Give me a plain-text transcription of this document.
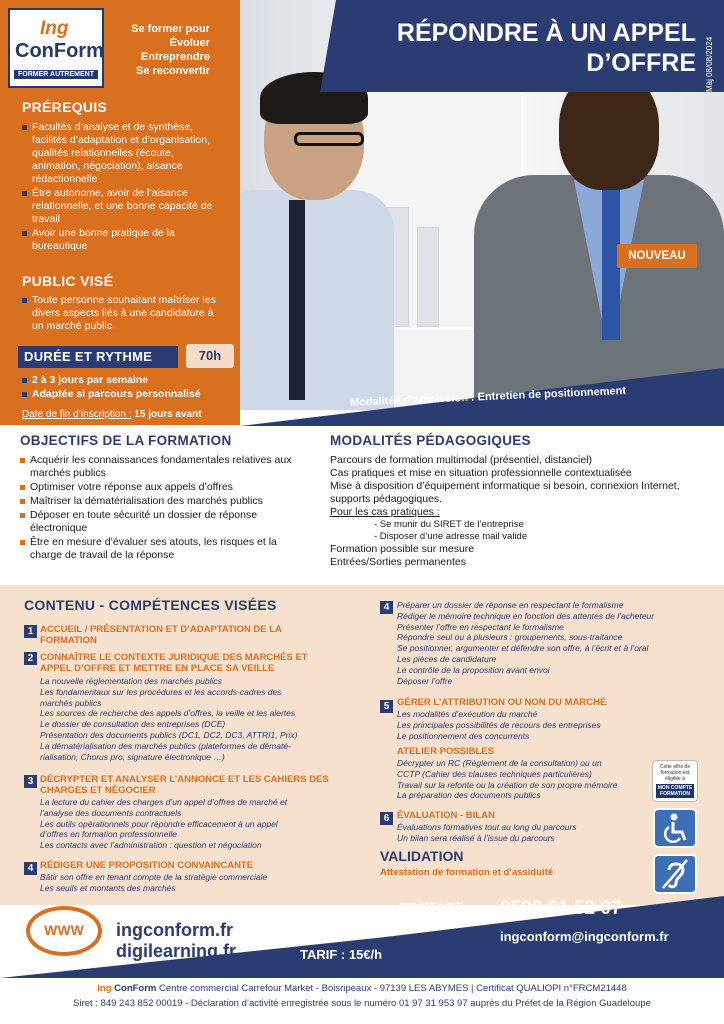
RÉPONDRE À UN APPEL
D’OFFRE Màj 08/08/2024
NOUVEAU
Modalités d’admission : Entretien de positionnement
Ing
ConForm
FORMER AUTREMENT
Se former pour
Évoluer
Entreprendre
Se reconvertir
PRÉREQUIS
Facultés d’analyse et de synthèse, facilités d’adaptation et d’organisation, qualités relationnelles (écoute, animation, négociation), aisance rédactionnelle
Être autonome, avoir de l’aisance relationnelle, et une bonne capacité de travail
Avoir une bonne pratique de la bureautique
PUBLIC VISÉ
Toute personne souhaitant maîtriser les divers aspects liés à une candidature à un marché public.
DURÉE ET RYTHME	70h
2 à 3 jours par semaine
Adaptée si parcours personnalisé
Date de fin d’inscription : 15 jours avant
OBJECTIFS DE LA FORMATION
Acquérir les connaissances fondamentales relatives aux marchés publics
Optimiser votre réponse aux appels d’offres
Maîtriser la dématérialisation des marchés publics
Déposer en toute sécurité un dossier de réponse électronique
Être en mesure d’évaluer ses atouts, les risques et la charge de travail de la réponse
MODALITÉS PÉDAGOGIQUES
Parcours de formation multimodal (présentiel, distanciel)
Cas pratiques et mise en situation professionnelle contextualisée
Mise à disposition d’équipement informatique si besoin, connexion Internet, supports pédagogiques.
Pour les cas pratiques :
- Se munir du SIRET de l’entreprise
- Disposer d’une adresse mail valide
Formation possible sur mesure
Entrées/Sorties permanentes
CONTENU - COMPÉTENCES VISÉES
1 ACCUEIL / PRÉSENTATION ET D’ADAPTATION DE LA FORMATION
2 CONNAÎTRE LE CONTEXTE JURIDIQUE DES MARCHÉS ET APPEL D’OFFRE ET METTRE EN PLACE SA VEILLE
La nouvelle réglementation des marchés publics
Les fondamentaux sur les procédures et les accords-cadres des
marchés publics
Les sources de recherche des appels d’offres, la veille et les alertes
Le dossier de consultation des entreprises (DCE)
Présentation des documents publics (DC1, DC2, DC3, ATTRI1, Prix)
La dématérialisation des marchés publics (plateformes de dématé-
rialisation, Chorus pro, signature électronique …)
3 DÉCRYPTER ET ANALYSER L’ANNONCE ET LES CAHIERS DES CHARGES ET NÉGOCIER
La lecture du cahier des charges d’un appel d’offres de marché et
l’analyse des documents contractuels
Les outils opérationnels pour répondre efficacement à un appel
d’offres en formation professionnelle
Les contacts avec l’administration : question et négociation
4 RÉDIGER UNE PROPOSITION CONVAINCANTE
Bâtir son offre en tenant compte de la stratégie commerciale
Les seuils et montants des marchés
4 Préparer un dossier de réponse en respectant le formalisme
Rédiger le mémoire technique en fonction des attentes de l’acheteur
Présenter l’offre en respectant le formalisme
Répondre seul ou à plusieurs : groupements, sous-traitance
Se positionner, argumenter et défendre son offre, à l’écrit et à l’oral
Les pièces de candidature
Le contrôle de la proposition avant envoi
Déposer l’offre
5 GÉRER L’ATTRIBUTION OU NON DU MARCHÉ
Les modalités d’exécution du marché
Les principales possibilités de recours des entreprises
Le positionnement des concurrents
ATELIER POSSIBLES
Décrypter un RC (Règlement de la consultation) ou un
CCTP (Cahier des clauses techniques particulières)
Travail sur la refonte ou la création de son propre mémoire
La préparation des documents publics
6 ÉVALUATION - BILAN
Évaluations formatives tout au long du parcours
Un bilan sera réalisé à l’issue du parcours
VALIDATION
Attestation de formation et d’assiduité
Cette offre de formation est éligible à
MON COMPTE FORMATION
CONTACT : 0590 91 52 07
ingconform@ingconform.fr
TARIF : 15€/h
WWW	ingconform.fr
digilearning.fr
Ing ConForm Centre commercial Carrefour Market - Boisripeaux - 97139 LES ABYMES | Certificat QUALIOPI n°FRCM21448
Siret : 849 243 852 00019 - Déclaration d’activité enregistrée sous le numéro 01 97 31 953 97 auprès du Préfet de la Région Guadeloupe
